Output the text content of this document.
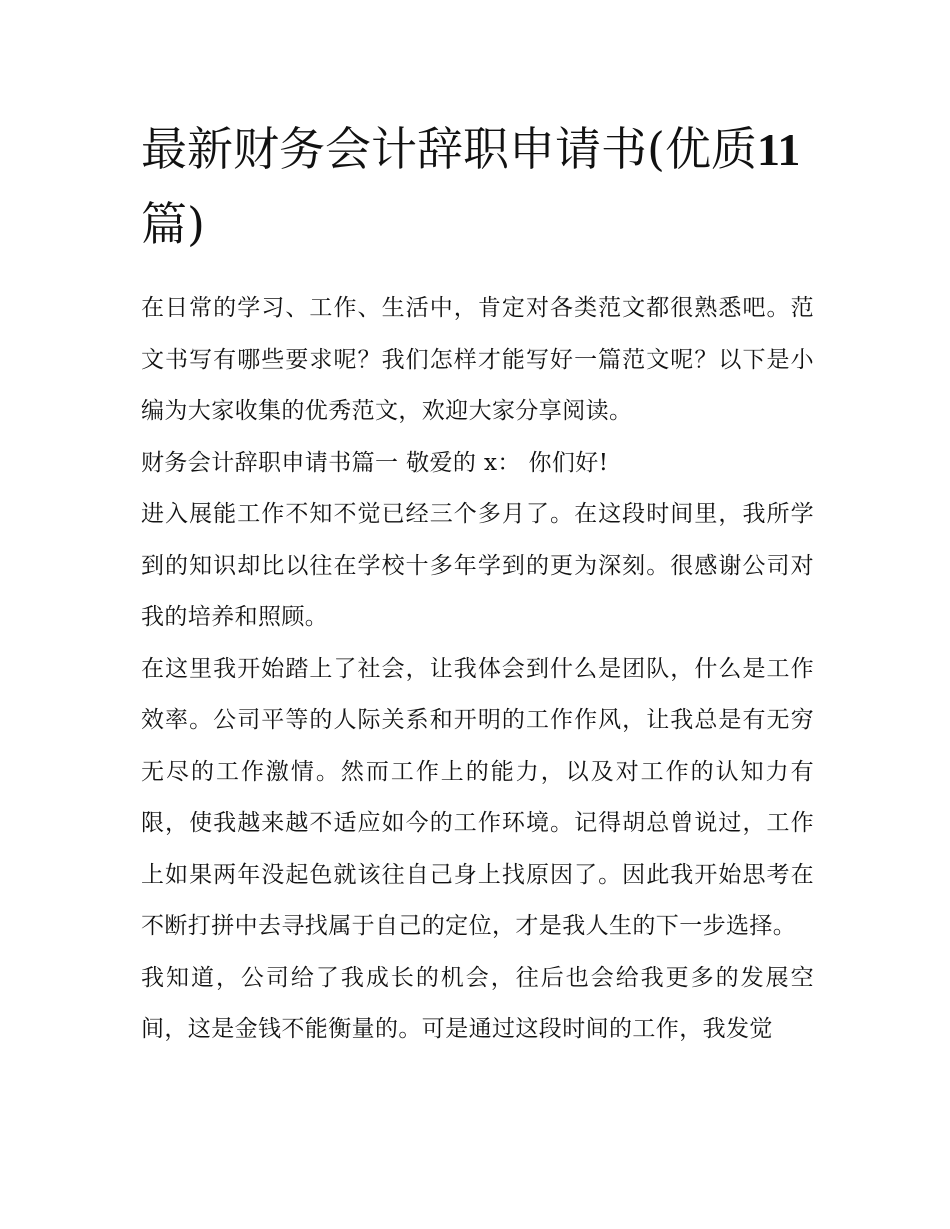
最新财务会计辞职申请书(优质11 篇)

在日常的学习、工作、生活中，肯定对各类范文都很熟悉吧。范文书写有哪些要求呢？我们怎样才能写好一篇范文呢？以下是小编为大家收集的优秀范文，欢迎大家分享阅读。

财务会计辞职申请书篇一 敬爱的 x： 你们好!

进入展能工作不知不觉已经三个多月了。在这段时间里，我所学到的知识却比以往在学校十多年学到的更为深刻。很感谢公司对我的培养和照顾。

在这里我开始踏上了社会，让我体会到什么是团队，什么是工作效率。公司平等的人际关系和开明的工作作风，让我总是有无穷无尽的工作激情。然而工作上的能力，以及对工作的认知力有限，使我越来越不适应如今的工作环境。记得胡总曾说过，工作上如果两年没起色就该往自己身上找原因了。因此我开始思考在不断打拼中去寻找属于自己的定位，才是我人生的下一步选择。

我知道，公司给了我成长的机会，往后也会给我更多的发展空间，这是金钱不能衡量的。可是通过这段时间的工作，我发觉
